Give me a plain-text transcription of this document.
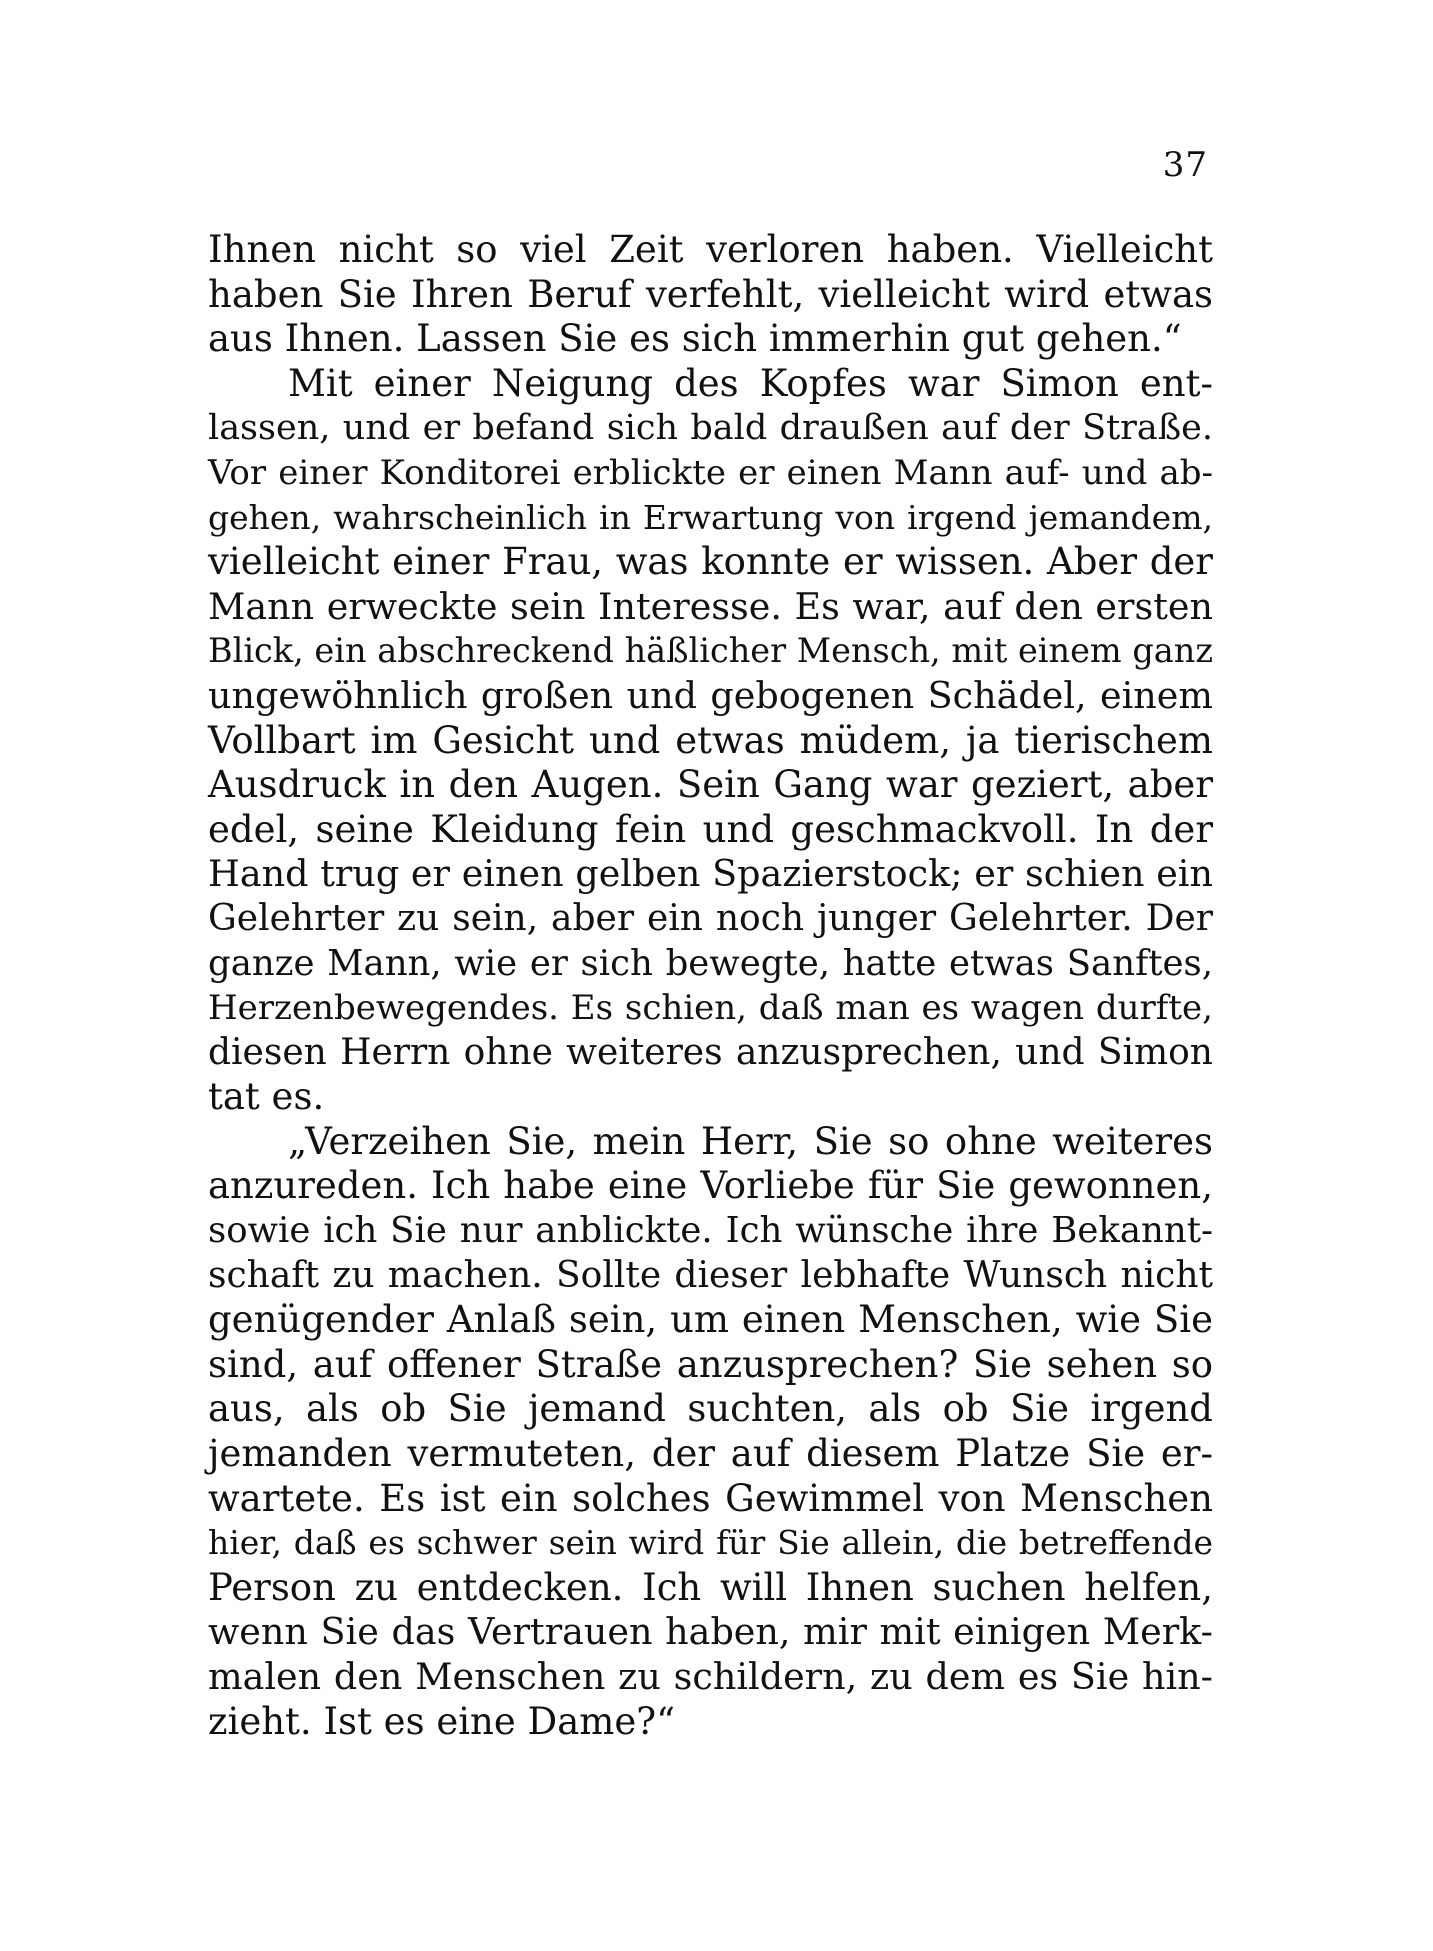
37
Ihnen nicht so viel Zeit verloren haben. Vielleicht
haben Sie Ihren Beruf verfehlt, vielleicht wird etwas
aus Ihnen. Lassen Sie es sich immerhin gut gehen.“
Mit einer Neigung des Kopfes war Simon ent-
lassen, und er befand sich bald draußen auf der Straße.
Vor einer Konditorei erblickte er einen Mann auf- und ab-
gehen, wahrscheinlich in Erwartung von irgend jemandem,
vielleicht einer Frau, was konnte er wissen. Aber der
Mann erweckte sein Interesse. Es war, auf den ersten
Blick, ein abschreckend häßlicher Mensch, mit einem ganz
ungewöhnlich großen und gebogenen Schädel, einem
Vollbart im Gesicht und etwas müdem, ja tierischem
Ausdruck in den Augen. Sein Gang war geziert, aber
edel, seine Kleidung fein und geschmackvoll. In der
Hand trug er einen gelben Spazierstock; er schien ein
Gelehrter zu sein, aber ein noch junger Gelehrter. Der
ganze Mann, wie er sich bewegte, hatte etwas Sanftes,
Herzenbewegendes. Es schien, daß man es wagen durfte,
diesen Herrn ohne weiteres anzusprechen, und Simon
tat es.
„Verzeihen Sie, mein Herr, Sie so ohne weiteres
anzureden. Ich habe eine Vorliebe für Sie gewonnen,
sowie ich Sie nur anblickte. Ich wünsche ihre Bekannt-
schaft zu machen. Sollte dieser lebhafte Wunsch nicht
genügender Anlaß sein, um einen Menschen, wie Sie
sind, auf offener Straße anzusprechen? Sie sehen so
aus, als ob Sie jemand suchten, als ob Sie irgend
jemanden vermuteten, der auf diesem Platze Sie er-
wartete. Es ist ein solches Gewimmel von Menschen
hier, daß es schwer sein wird für Sie allein, die betreffende
Person zu entdecken. Ich will Ihnen suchen helfen,
wenn Sie das Vertrauen haben, mir mit einigen Merk-
malen den Menschen zu schildern, zu dem es Sie hin-
zieht. Ist es eine Dame?“
